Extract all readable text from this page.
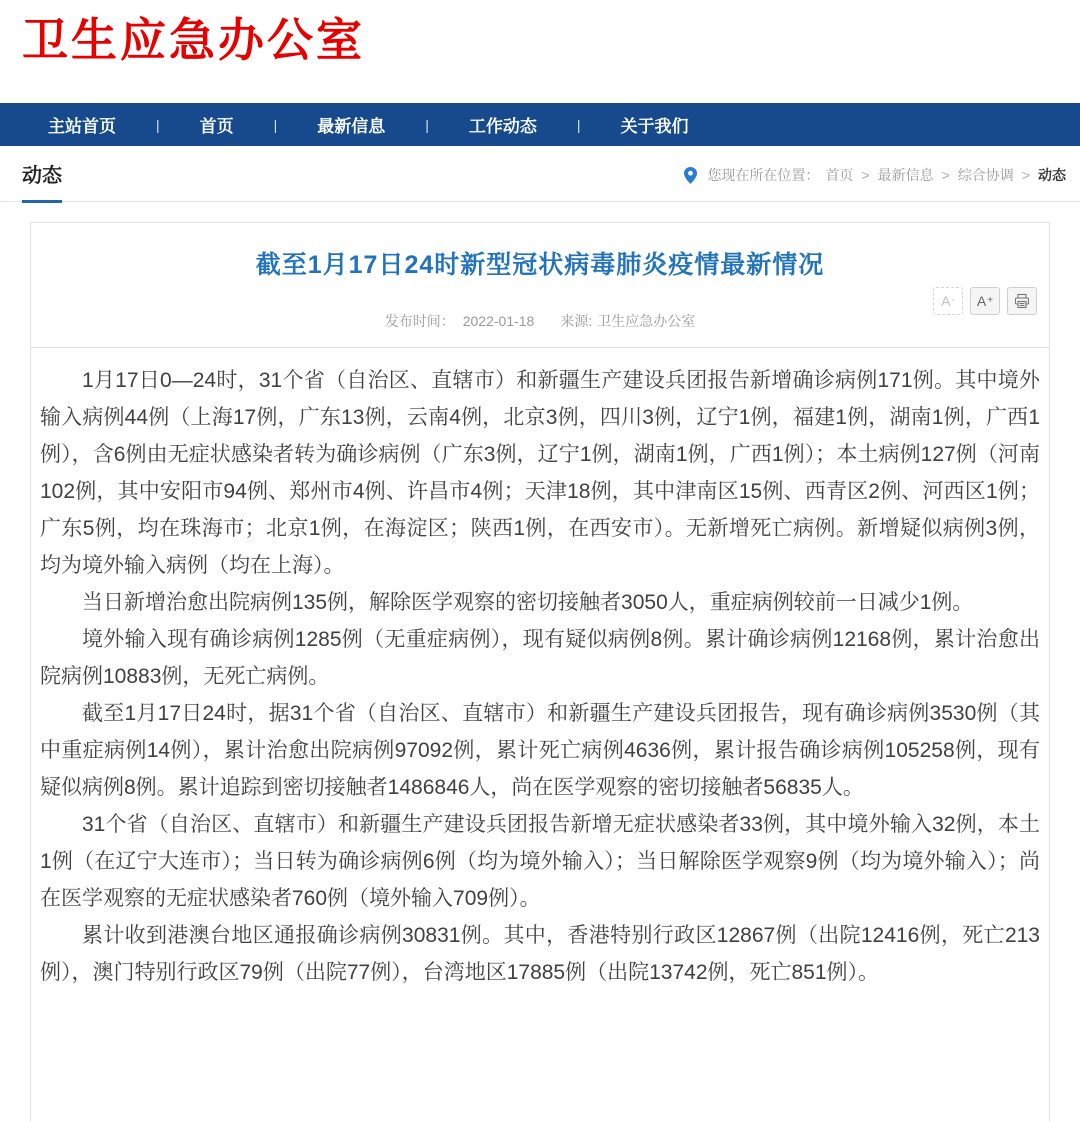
卫生应急办公室
主站首页	|	首页	|	最新信息	|	工作动态	|	关于我们
动态	您现在所在位置： 首页 > 最新信息 > 综合协调 > 动态
截至1月17日24时新型冠状病毒肺炎疫情最新情况
发布时间： 2022-01-18 来源: 卫生应急办公室
A - A +

1月17日0—24时，31个省（自治区、直辖市）和新疆生产建设兵团报告新增确诊病例171例。其中境外输入病例44例（上海17例，广东13例，云南4例，北京3例，四川3例，辽宁1例，福建1例，湖南1例，广西1例），含6例由无症状感染者转为确诊病例（广东3例，辽宁1例，湖南1例，广西1例）；本土病例127例（河南102例，其中安阳市94例、郑州市4例、许昌市4例；天津18例，其中津南区15例、西青区2例、河西区1例；广东5例，均在珠海市；北京1例，在海淀区；陕西1例，在西安市）。无新增死亡病例。新增疑似病例3例，均为境外输入病例（均在上海）。

当日新增治愈出院病例135例，解除医学观察的密切接触者3050人，重症病例较前一日减少1例。

境外输入现有确诊病例1285例（无重症病例），现有疑似病例8例。累计确诊病例12168例，累计治愈出院病例10883例，无死亡病例。

截至1月17日24时，据31个省（自治区、直辖市）和新疆生产建设兵团报告，现有确诊病例3530例（其中重症病例14例），累计治愈出院病例97092例，累计死亡病例4636例，累计报告确诊病例105258例，现有疑似病例8例。累计追踪到密切接触者1486846人，尚在医学观察的密切接触者56835人。

31个省（自治区、直辖市）和新疆生产建设兵团报告新增无症状感染者33例，其中境外输入32例，本土1例（在辽宁大连市）；当日转为确诊病例6例（均为境外输入）；当日解除医学观察9例（均为境外输入）；尚在医学观察的无症状感染者760例（境外输入709例）。

累计收到港澳台地区通报确诊病例30831例。其中，香港特别行政区12867例（出院12416例，死亡213例），澳门特别行政区79例（出院77例），台湾地区17885例（出院13742例，死亡851例）。
